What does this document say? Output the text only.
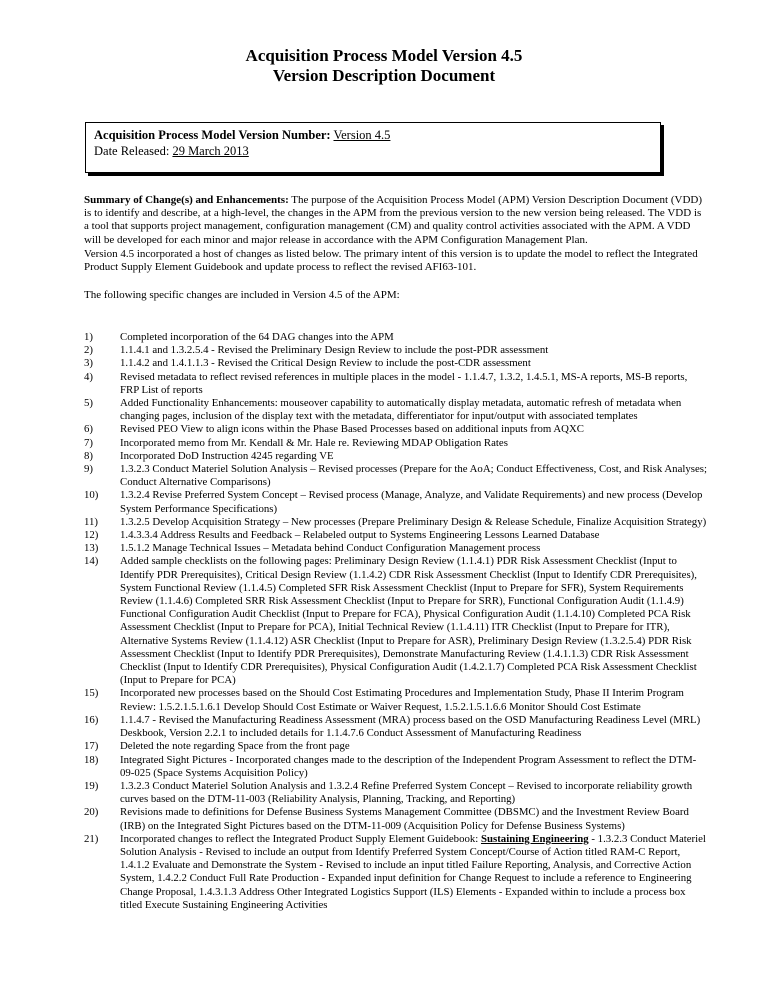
Acquisition Process Model Version 4.5
Version Description Document
Acquisition Process Model Version Number: Version 4.5
Date Released: 29 March 2013
Summary of Change(s) and Enhancements: The purpose of the Acquisition Process Model (APM) Version Description Document (VDD) is to identify and describe, at a high-level, the changes in the APM from the previous version to the new version being released. The VDD is a tool that supports project management, configuration management (CM) and quality control activities associated with the APM. A VDD will be developed for each minor and major release in accordance with the APM Configuration Management Plan.
Version 4.5 incorporated a host of changes as listed below. The primary intent of this version is to update the model to reflect the Integrated Product Supply Element Guidebook and update process to reflect the revised AFI63-101.
The following specific changes are included in Version 4.5 of the APM:
1)	Completed incorporation of the 64 DAG changes into the APM
2)	1.1.4.1 and 1.3.2.5.4 - Revised the Preliminary Design Review to include the post-PDR assessment
3)	1.1.4.2 and 1.4.1.1.3 - Revised the Critical Design Review to include the post-CDR assessment
4)	Revised metadata to reflect revised references in multiple places in the model - 1.1.4.7, 1.3.2, 1.4.5.1, MS-A reports, MS-B reports, FRP List of reports
5)	Added Functionality Enhancements: mouseover capability to automatically display metadata, automatic refresh of metadata when changing pages, inclusion of the display text with the metadata, differentiator for input/output with associated templates
6)	Revised PEO View to align icons within the Phase Based Processes based on additional inputs from AQXC
7)	Incorporated memo from Mr. Kendall & Mr. Hale re. Reviewing MDAP Obligation Rates
8)	Incorporated DoD Instruction 4245 regarding VE
9)	1.3.2.3 Conduct Materiel Solution Analysis – Revised processes (Prepare for the AoA; Conduct Effectiveness, Cost, and Risk Analyses; Conduct Alternative Comparisons)
10) 1.3.2.4 Revise Preferred System Concept – Revised process (Manage, Analyze, and Validate Requirements) and new process (Develop System Performance Specifications)
11) 1.3.2.5 Develop Acquisition Strategy – New processes (Prepare Preliminary Design & Release Schedule, Finalize Acquisition Strategy)
12) 1.4.3.3.4 Address Results and Feedback – Relabeled output to Systems Engineering Lessons Learned Database
13) 1.5.1.2 Manage Technical Issues – Metadata behind Conduct Configuration Management process
14) Added sample checklists on the following pages: Preliminary Design Review (1.1.4.1) PDR Risk Assessment Checklist (Input to Identify PDR Prerequisites), Critical Design Review (1.1.4.2) CDR Risk Assessment Checklist (Input to Identify CDR Prerequisites), System Functional Review (1.1.4.5) Completed SFR Risk Assessment Checklist (Input to Prepare for SFR), System Requirements Review (1.1.4.6) Completed SRR Risk Assessment Checklist (Input to Prepare for SRR), Functional Configuration Audit (1.1.4.9) Functional Configuration Audit Checklist (Input to Prepare for FCA), Physical Configuration Audit (1.1.4.10) Completed PCA Risk Assessment Checklist (Input to Prepare for PCA), Initial Technical Review (1.1.4.11) ITR Checklist (Input to Prepare for ITR), Alternative Systems Review (1.1.4.12) ASR Checklist (Input to Prepare for ASR), Preliminary Design Review (1.3.2.5.4) PDR Risk Assessment Checklist (Input to Identify PDR Prerequisites), Demonstrate Manufacturing Review (1.4.1.1.3) CDR Risk Assessment Checklist (Input to Identify CDR Prerequisites), Physical Configuration Audit (1.4.2.1.7) Completed PCA Risk Assessment Checklist (Input to Prepare for PCA)
15) Incorporated new processes based on the Should Cost Estimating Procedures and Implementation Study, Phase II Interim Program Review: 1.5.2.1.5.1.6.1 Develop Should Cost Estimate or Waiver Request, 1.5.2.1.5.1.6.6 Monitor Should Cost Estimate
16) 1.1.4.7 - Revised the Manufacturing Readiness Assessment (MRA) process based on the OSD Manufacturing Readiness Level (MRL) Deskbook, Version 2.2.1 to included details for 1.1.4.7.6 Conduct Assessment of Manufacturing Readiness
17) Deleted the note regarding Space from the front page
18) Integrated Sight Pictures - Incorporated changes made to the description of the Independent Program Assessment to reflect the DTM-09-025 (Space Systems Acquisition Policy)
19) 1.3.2.3 Conduct Materiel Solution Analysis and 1.3.2.4 Refine Preferred System Concept – Revised to incorporate reliability growth curves based on the DTM-11-003 (Reliability Analysis, Planning, Tracking, and Reporting)
20) Revisions made to definitions for Defense Business Systems Management Committee (DBSMC) and the Investment Review Board (IRB) on the Integrated Sight Pictures based on the DTM-11-009 (Acquisition Policy for Defense Business Systems)
21) Incorporated changes to reflect the Integrated Product Supply Element Guidebook: Sustaining Engineering - 1.3.2.3 Conduct Materiel Solution Analysis - Revised to include an output from Identify Preferred System Concept/Course of Action titled RAM-C Report, 1.4.1.2 Evaluate and Demonstrate the System - Revised to include an input titled Failure Reporting, Analysis, and Corrective Action System, 1.4.2.2 Conduct Full Rate Production - Expanded input definition for Change Request to include a reference to Engineering Change Proposal, 1.4.3.1.3 Address Other Integrated Logistics Support (ILS) Elements - Expanded within to include a process box titled Execute Sustaining Engineering Activities
